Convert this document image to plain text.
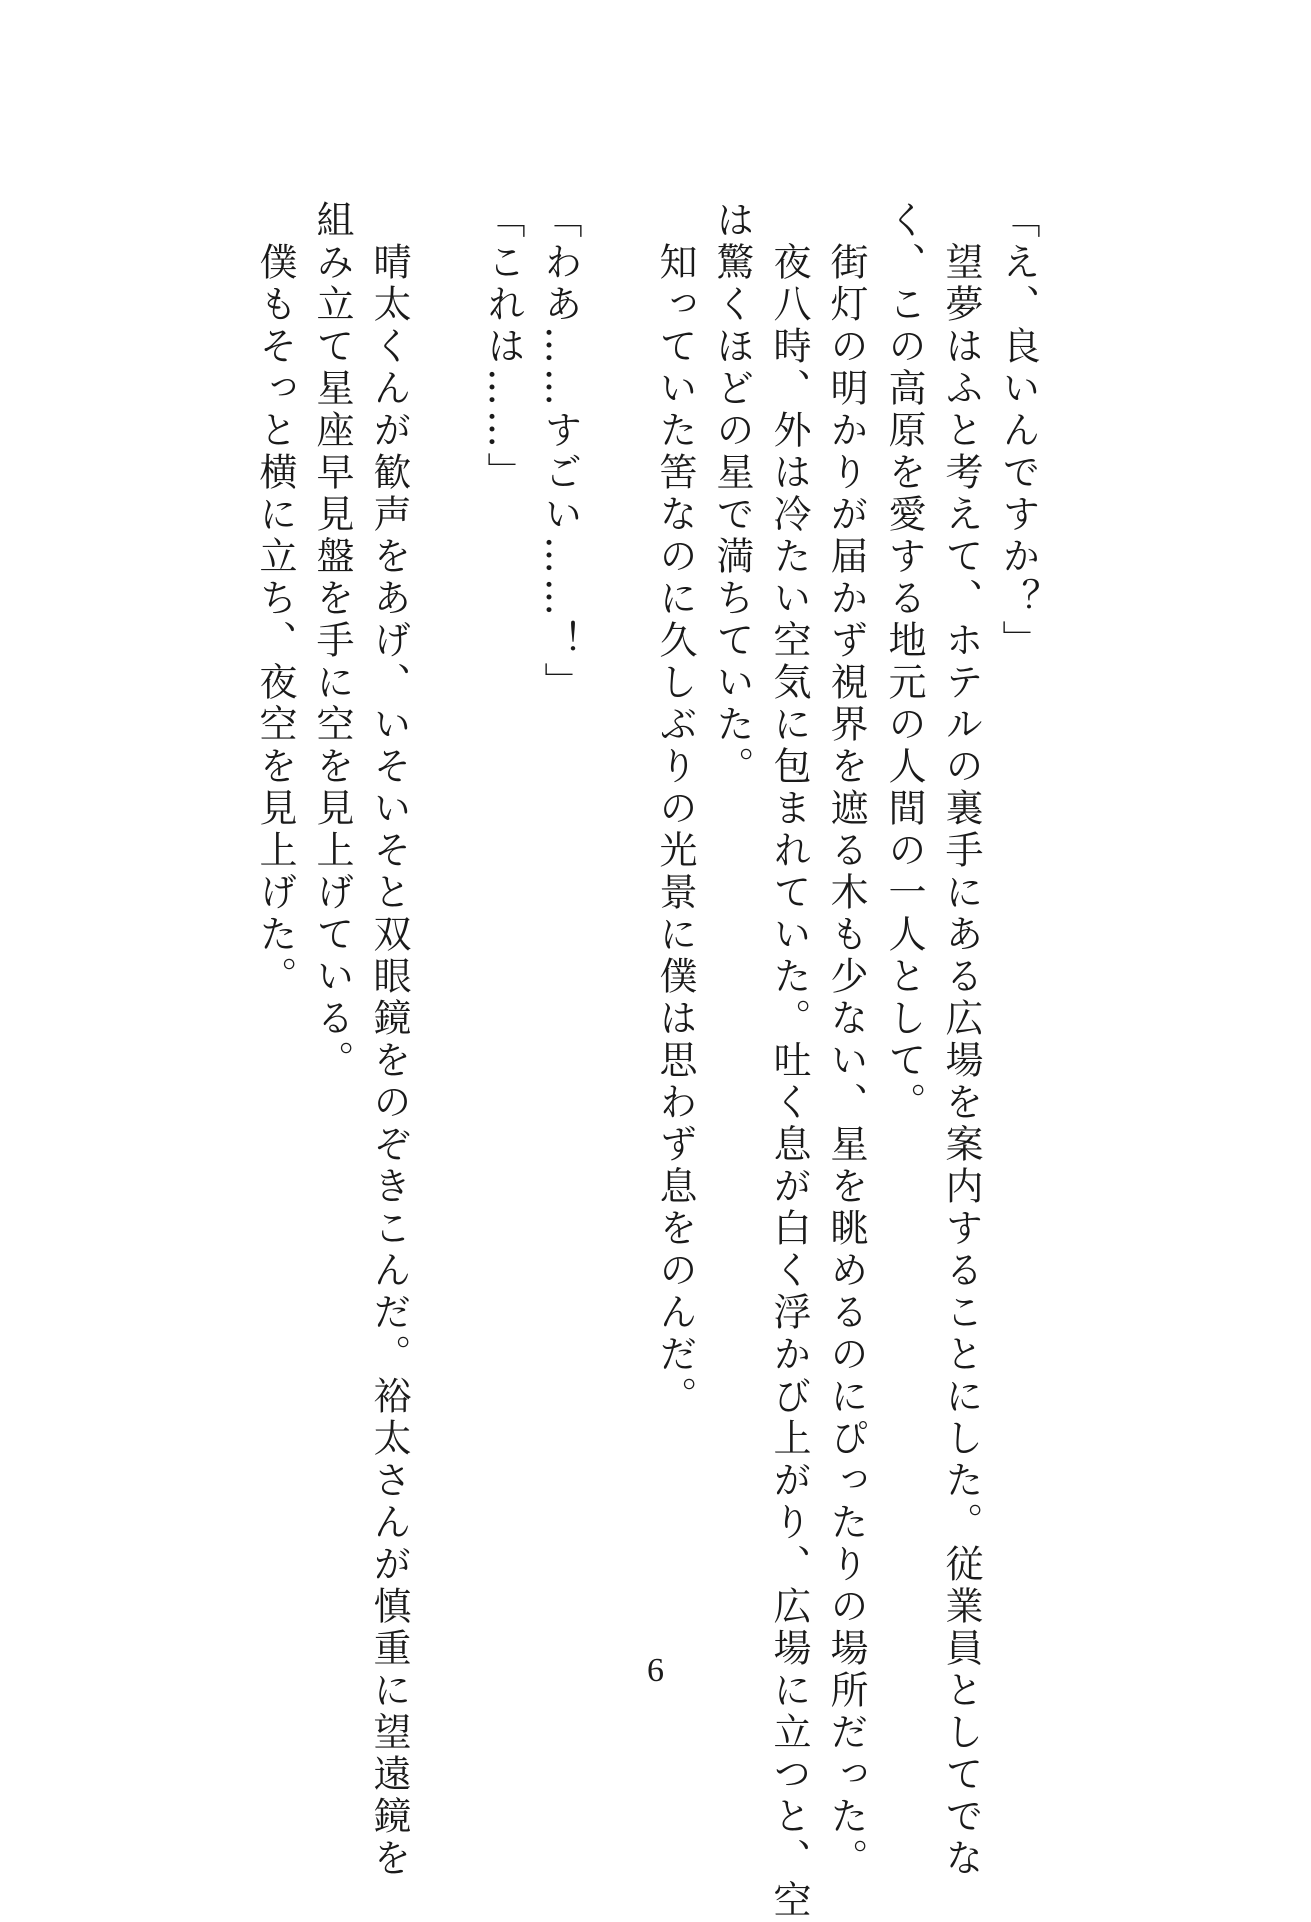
「え、良いんですか？」
　望夢はふと考えて、ホテルの裏手にある広場を案内することにした。従業員としてでな
く、この高原を愛する地元の人間の一人として。
　街灯の明かりが届かず視界を遮る木も少ない、星を眺めるのにぴったりの場所だった。
　夜八時、外は冷たい空気に包まれていた。吐く息が白く浮かび上がり、広場に立つと、空
は驚くほどの星で満ちていた。
　知っていた筈なのに久しぶりの光景に僕は思わず息をのんだ。
「わあ……すごい……！」
「これは……」
　晴太くんが歓声をあげ、いそいそと双眼鏡をのぞきこんだ。裕太さんが慎重に望遠鏡を
組み立て星座早見盤を手に空を見上げている。
　僕もそっと横に立ち、夜空を見上げた。
6
